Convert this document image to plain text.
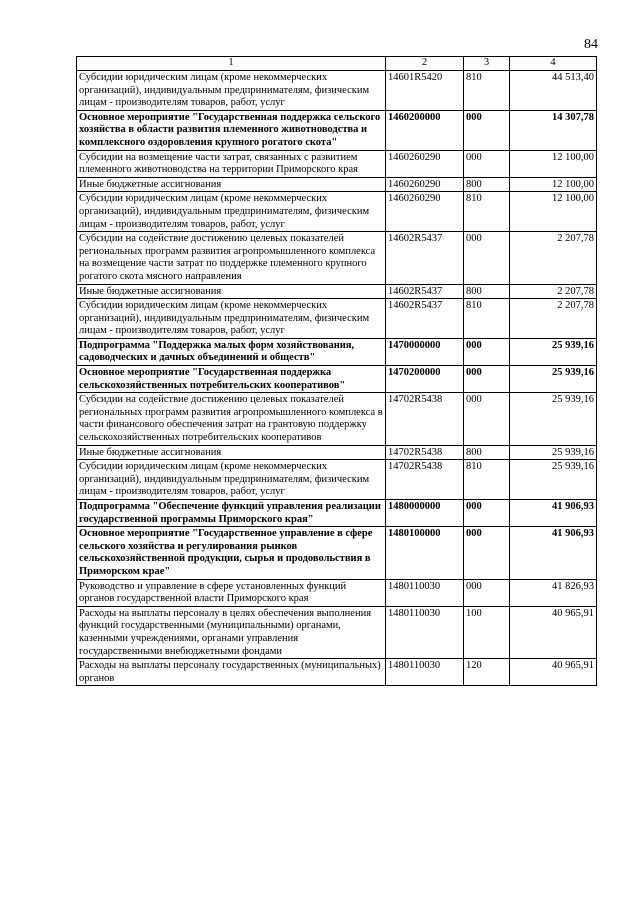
84
1	2	3	4
Субсидии юридическим лицам (кроме некоммерческих организаций), индивидуальным предпринимателям, физическим лицам - производителям товаров, работ, услуг	14601R5420	810	44 513,40
Основное мероприятие "Государственная поддержка сельского хозяйства в области развития племенного животноводства и комплексного оздоровления крупного рогатого скота"	1460200000	000	14 307,78
Субсидии на возмещение части затрат, связанных с развитием племенного животноводства на территории Приморского края	1460260290	000	12 100,00
Иные бюджетные ассигнования	1460260290	800	12 100,00
Субсидии юридическим лицам (кроме некоммерческих организаций), индивидуальным предпринимателям, физическим лицам - производителям товаров, работ, услуг	1460260290	810	12 100,00
Субсидии на содействие достижению целевых показателей региональных программ развития агропромышленного комплекса на возмещение части затрат по поддержке племенного крупного рогатого скота мясного направления	14602R5437	000	2 207,78
Иные бюджетные ассигнования	14602R5437	800	2 207,78
Субсидии юридическим лицам (кроме некоммерческих организаций), индивидуальным предпринимателям, физическим лицам - производителям товаров, работ, услуг	14602R5437	810	2 207,78
Подпрограмма "Поддержка малых форм хозяйствования, садоводческих и дачных объединений и обществ"	1470000000	000	25 939,16
Основное мероприятие "Государственная поддержка сельскохозяйственных потребительских кооперативов"	1470200000	000	25 939,16
Субсидии на содействие достижению целевых показателей региональных программ развития агропромышленного комплекса в части финансового обеспечения затрат на грантовую поддержку сельскохозяйственных потребительских кооперативов	14702R5438	000	25 939,16
Иные бюджетные ассигнования	14702R5438	800	25 939,16
Субсидии юридическим лицам (кроме некоммерческих организаций), индивидуальным предпринимателям, физическим лицам - производителям товаров, работ, услуг	14702R5438	810	25 939,16
Подпрограмма "Обеспечение функций управления реализации государственной программы Приморского края"	1480000000	000	41 906,93
Основное мероприятие "Государственное управление в сфере сельского хозяйства и регулирования рынков сельскохозяйственной продукции, сырья и продовольствия в Приморском крае"	1480100000	000	41 906,93
Руководство и управление в сфере установленных функций органов государственной власти Приморского края	1480110030	000	41 826,93
Расходы на выплаты персоналу в целях обеспечения выполнения функций государственными (муниципальными) органами, казенными учреждениями, органами управления государственными внебюджетными фондами	1480110030	100	40 965,91
Расходы на выплаты персоналу государственных (муниципальных) органов	1480110030	120	40 965,91
